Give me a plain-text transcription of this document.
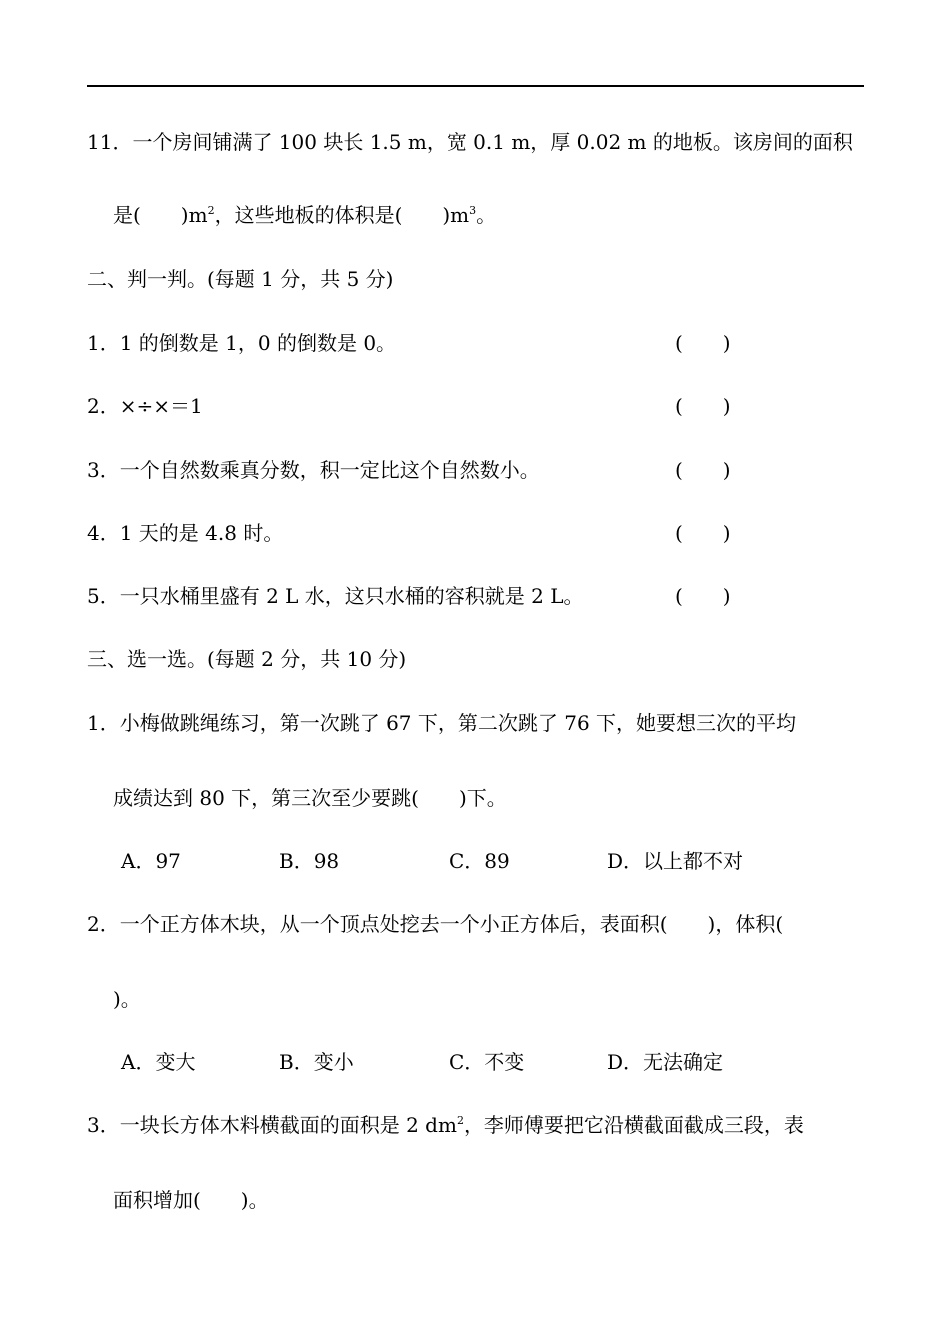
11．一个房间铺满了 100 块长 1.5 m，宽 0.1 m，厚 0.02 m 的地板。该房间的面积
是(　　)$m^2$，这些地板的体积是(　　)$m^3$。
二、判一判。(每题 1 分，共 5 分)
1．1 的倒数是 1，0 的倒数是 0。	(　　)
2．×÷×＝1	(　　)
3．一个自然数乘真分数，积一定比这个自然数小。	(　　)
4．1 天的是 4.8 时。	(　　)
5．一只水桶里盛有 2 L 水，这只水桶的容积就是 2 L。	(　　)
三、选一选。(每题 2 分，共 10 分)
1．小梅做跳绳练习，第一次跳了 67 下，第二次跳了 76 下，她要想三次的平均
成绩达到 80 下，第三次至少要跳(　　)下。
A．97	B．98	C．89	D．以上都不对
2．一个正方体木块，从一个顶点处挖去一个小正方体后，表面积(　　)，体积(
)。
A．变大	B．变小	C．不变	D．无法确定
3．一块长方体木料横截面的面积是 2 $dm^2$，李师傅要把它沿横截面截成三段，表
面积增加(　　)。
